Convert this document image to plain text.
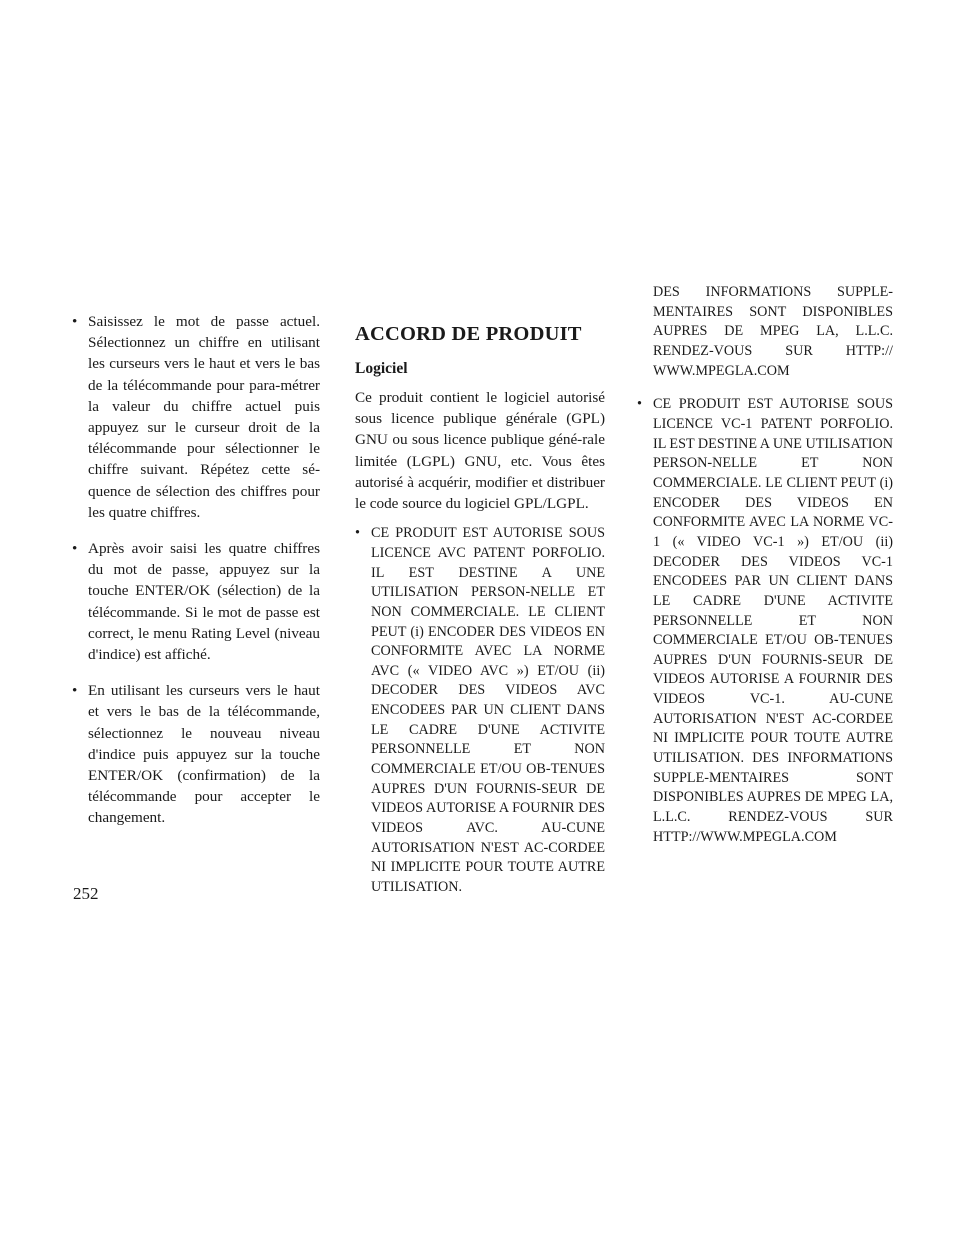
• Saisissez le mot de passe actuel. Sélectionnez un chiffre en utilisant les curseurs vers le haut et vers le bas de la télécommande pour para-métrer la valeur du chiffre actuel puis appuyez sur le curseur droit de la télécommande pour sélectionner le chiffre suivant. Répétez cette sé-quence de sélection des chiffres pour les quatre chiffres.

• Après avoir saisi les quatre chiffres du mot de passe, appuyez sur la touche ENTER/OK (sélection) de la télécommande. Si le mot de passe est correct, le menu Rating Level (niveau d'indice) est affiché.

• En utilisant les curseurs vers le haut et vers le bas de la télécommande, sélectionnez le nouveau niveau d'indice puis appuyez sur la touche ENTER/OK (confirmation) de la télécommande pour accepter le changement.

ACCORD DE PRODUIT
Logiciel

Ce produit contient le logiciel autorisé sous licence publique générale (GPL) GNU ou sous licence publique géné-rale limitée (LGPL) GNU, etc. Vous êtes autorisé à acquérir, modifier et distribuer le code source du logiciel GPL/LGPL.

• CE PRODUIT EST AUTORISE SOUS LICENCE AVC PATENT PORFOLIO. IL EST DESTINE A UNE UTILISATION PERSON-NELLE ET NON COMMERCIALE. LE CLIENT PEUT (i) ENCODER DES VIDEOS EN CONFORMITE AVEC LA NORME AVC (« VIDEO AVC ») ET/OU (ii) DECODER DES VIDEOS AVC ENCODEES PAR UN CLIENT DANS LE CADRE D'UNE ACTIVITE PERSONNELLE ET NON COMMERCIALE ET/OU OB-TENUES AUPRES D'UN FOURNIS-SEUR DE VIDEOS AUTORISE A FOURNIR DES VIDEOS AVC. AU-CUNE AUTORISATION N'EST AC-CORDEE NI IMPLICITE POUR TOUTE AUTRE UTILISATION.

DES INFORMATIONS SUPPLE-MENTAIRES SONT DISPONIBLES AUPRES DE MPEG LA, L.L.C. RENDEZ-VOUS SUR HTTP:// WWW.MPEGLA.COM

• CE PRODUIT EST AUTORISE SOUS LICENCE VC-1 PATENT PORFOLIO. IL EST DESTINE A UNE UTILISATION PERSON-NELLE ET NON COMMERCIALE. LE CLIENT PEUT (i) ENCODER DES VIDEOS EN CONFORMITE AVEC LA NORME VC-1 (« VIDEO VC-1 ») ET/OU (ii) DECODER DES VIDEOS VC-1 ENCODEES PAR UN CLIENT DANS LE CADRE D'UNE ACTIVITE PERSONNELLE ET NON COMMERCIALE ET/OU OB-TENUES AUPRES D'UN FOURNIS-SEUR DE VIDEOS AUTORISE A FOURNIR DES VIDEOS VC-1. AU-CUNE AUTORISATION N'EST AC-CORDEE NI IMPLICITE POUR TOUTE AUTRE UTILISATION. DES INFORMATIONS SUPPLE-MENTAIRES SONT DISPONIBLES AUPRES DE MPEG LA, L.L.C. RENDEZ-VOUS SUR HTTP://WWW.MPEGLA.COM

252
